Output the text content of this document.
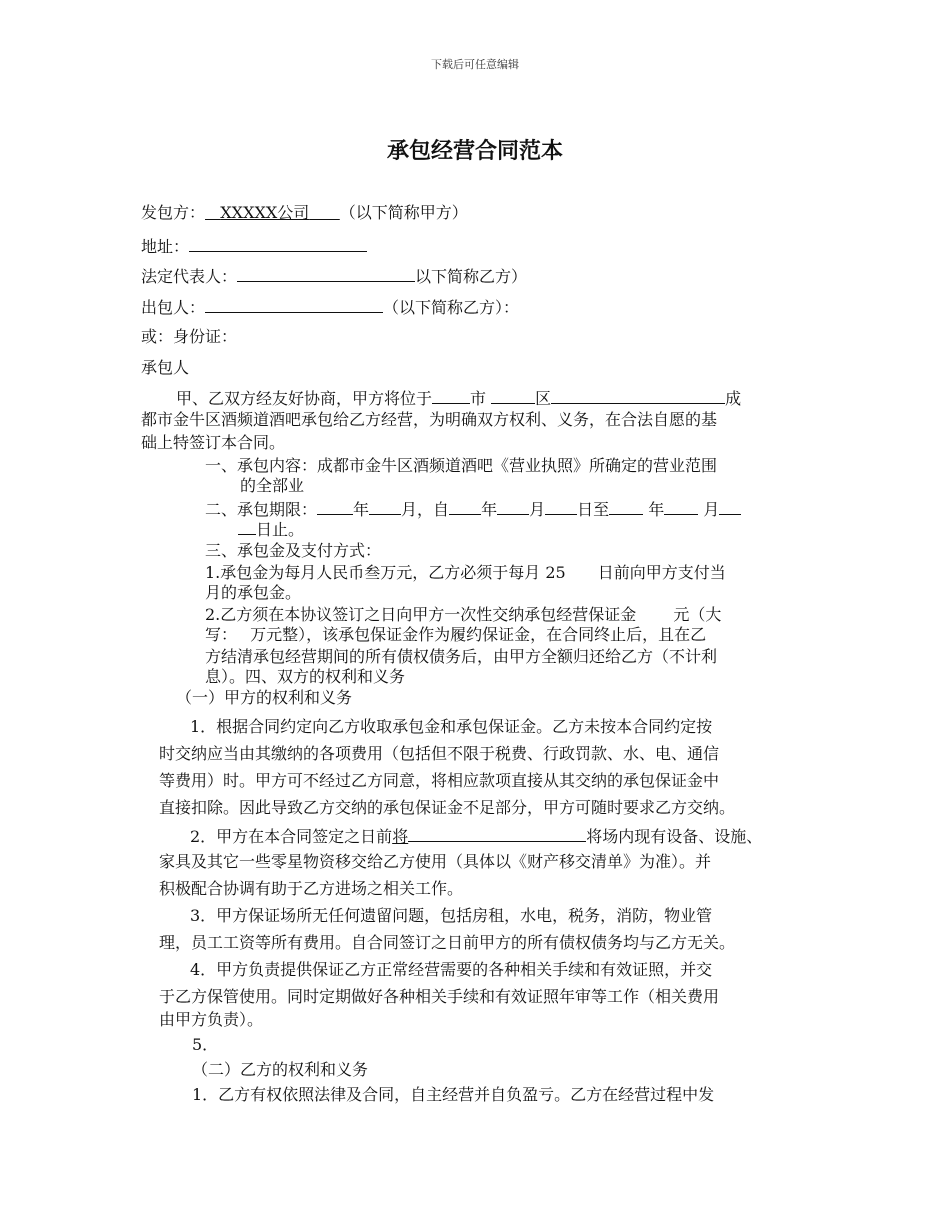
下载后可任意编辑
承包经营合同范本
发包方： XXXXX公司 （以下简称甲方）
地址：
法定代表人：	以下简称乙方）
出包人：	（以下简称乙方）：
或：身份证：
承包人
甲、乙双方经友好协商，甲方将位于 市	区	成
都市金牛区酒频道酒吧承包给乙方经营，为明确双方权利、义务，在合法自愿的基
础上特签订本合同。
一、承包内容：成都市金牛区酒频道酒吧《营业执照》所确定的营业范围
的全部业
二、承包期限： 年 月，自 年 月 日至 年 月
日止。
三、承包金及支付方式：
1.承包金为每月人民币叁万元，乙方必须于每月 25　　日前向甲方支付当
月的承包金。
2.乙方须在本协议签订之日向甲方一次性交纳承包经营保证金　　 元（大
写：　 万元整），该承包保证金作为履约保证金，在合同终止后，且在乙
方结清承包经营期间的所有债权债务后，由甲方全额归还给乙方（不计利
息）。四、双方的权利和义务
（一）甲方的权利和义务
1．根据合同约定向乙方收取承包金和承包保证金。乙方未按本合同约定按
时交纳应当由其缴纳的各项费用（包括但不限于税费、行政罚款、水、电、通信
等费用）时。甲方可不经过乙方同意，将相应款项直接从其交纳的承包保证金中
直接扣除。因此导致乙方交纳的承包保证金不足部分，甲方可随时要求乙方交纳。
2．甲方在本合同签定之日前将	将场内现有设备、设施、
家具及其它一些零星物资移交给乙方使用（具体以《财产移交清单》为准）。并
积极配合协调有助于乙方进场之相关工作。
3．甲方保证场所无任何遗留问题，包括房租，水电，税务，消防，物业管
理，员工工资等所有费用。自合同签订之日前甲方的所有债权债务均与乙方无关。
4．甲方负责提供保证乙方正常经营需要的各种相关手续和有效证照，并交
于乙方保管使用。同时定期做好各种相关手续和有效证照年审等工作（相关费用
由甲方负责）。
5．
（二）乙方的权利和义务
1．乙方有权依照法律及合同，自主经营并自负盈亏。乙方在经营过程中发
